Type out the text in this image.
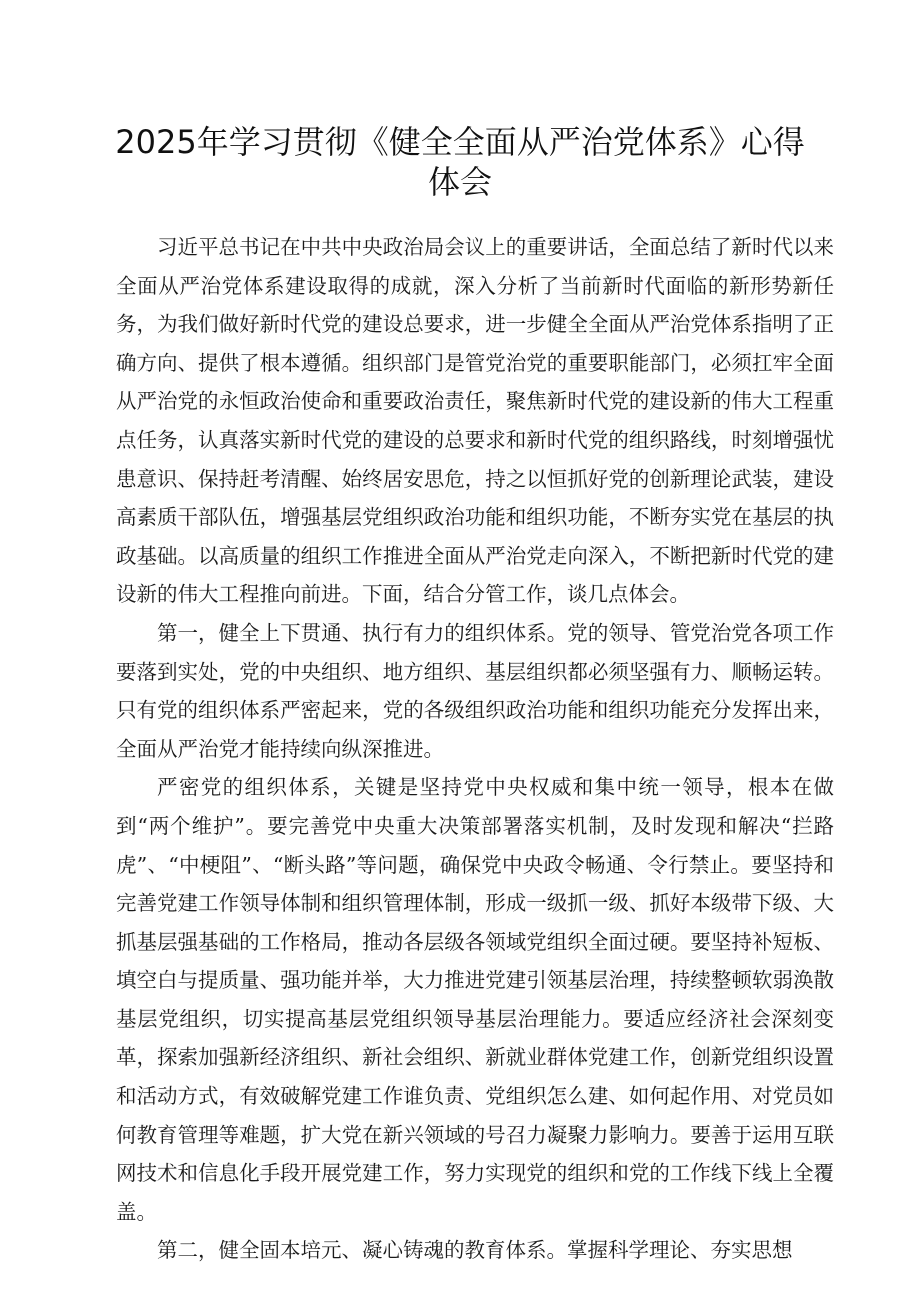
2025年学习贯彻《健全全面从严治党体系》心得体会

习近平总书记在中共中央政治局会议上的重要讲话，全面总结了新时代以来全面从严治党体系建设取得的成就，深入分析了当前新时代面临的新形势新任务，为我们做好新时代党的建设总要求，进一步健全全面从严治党体系指明了正确方向、提供了根本遵循。组织部门是管党治党的重要职能部门，必须扛牢全面从严治党的永恒政治使命和重要政治责任，聚焦新时代党的建设新的伟大工程重点任务，认真落实新时代党的建设的总要求和新时代党的组织路线，时刻增强忧患意识、保持赶考清醒、始终居安思危，持之以恒抓好党的创新理论武装，建设高素质干部队伍，增强基层党组织政治功能和组织功能，不断夯实党在基层的执政基础。以高质量的组织工作推进全面从严治党走向深入，不断把新时代党的建设新的伟大工程推向前进。下面，结合分管工作，谈几点体会。

第一，健全上下贯通、执行有力的组织体系。党的领导、管党治党各项工作要落到实处，党的中央组织、地方组织、基层组织都必须坚强有力、顺畅运转。只有党的组织体系严密起来，党的各级组织政治功能和组织功能充分发挥出来，全面从严治党才能持续向纵深推进。

严密党的组织体系，关键是坚持党中央权威和集中统一领导，根本在做到“两个维护”。要完善党中央重大决策部署落实机制，及时发现和解决“拦路虎”、“中梗阻”、“断头路”等问题，确保党中央政令畅通、令行禁止。要坚持和完善党建工作领导体制和组织管理体制，形成一级抓一级、抓好本级带下级、大抓基层强基础的工作格局，推动各层级各领域党组织全面过硬。要坚持补短板、填空白与提质量、强功能并举，大力推进党建引领基层治理，持续整顿软弱涣散基层党组织，切实提高基层党组织领导基层治理能力。要适应经济社会深刻变革，探索加强新经济组织、新社会组织、新就业群体党建工作，创新党组织设置和活动方式，有效破解党建工作谁负责、党组织怎么建、如何起作用、对党员如何教育管理等难题，扩大党在新兴领域的号召力凝聚力影响力。要善于运用互联网技术和信息化手段开展党建工作，努力实现党的组织和党的工作线下线上全覆盖。

第二，健全固本培元、凝心铸魂的教育体系。掌握科学理论、夯实思想
